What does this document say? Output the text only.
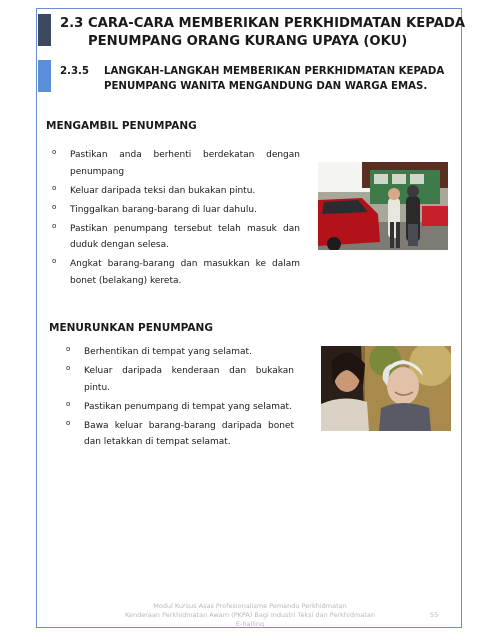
2.3 CARA-CARA MEMBERIKAN PERKHIDMATAN KEPADA
PENUMPANG ORANG KURANG UPAYA (OKU)
2.3.5 LANGKAH-LANGKAH MEMBERIKAN PERKHIDMATAN KEPADA
PENUMPANG WANITA MENGANDUNG DAN WARGA EMAS.
MENGAMBIL PENUMPANG
o Pastikan anda berhenti berdekatan dengan penumpang
o Keluar daripada teksi dan bukakan pintu.
o Tinggalkan barang-barang di luar dahulu.
o Pastikan penumpang tersebut telah masuk dan duduk dengan selesa.
o Angkat barang-barang dan masukkan ke dalam bonet (belakang) kereta.
MENURUNKAN PENUMPANG
o Berhentikan di tempat yang selamat.
o Keluar daripada kenderaan dan bukakan pintu.
o Pastikan penumpang di tempat yang selamat.
o Bawa keluar barang-barang daripada bonet dan letakkan di tempat selamat.
Modul Kursus Asas Profesionalisme Pemandu Perkhidmatan
Kenderaan Perkhidmatan Awam (PKPA) Bagi Industri Teksi dan Perkhidmatan
E-hailing
55
